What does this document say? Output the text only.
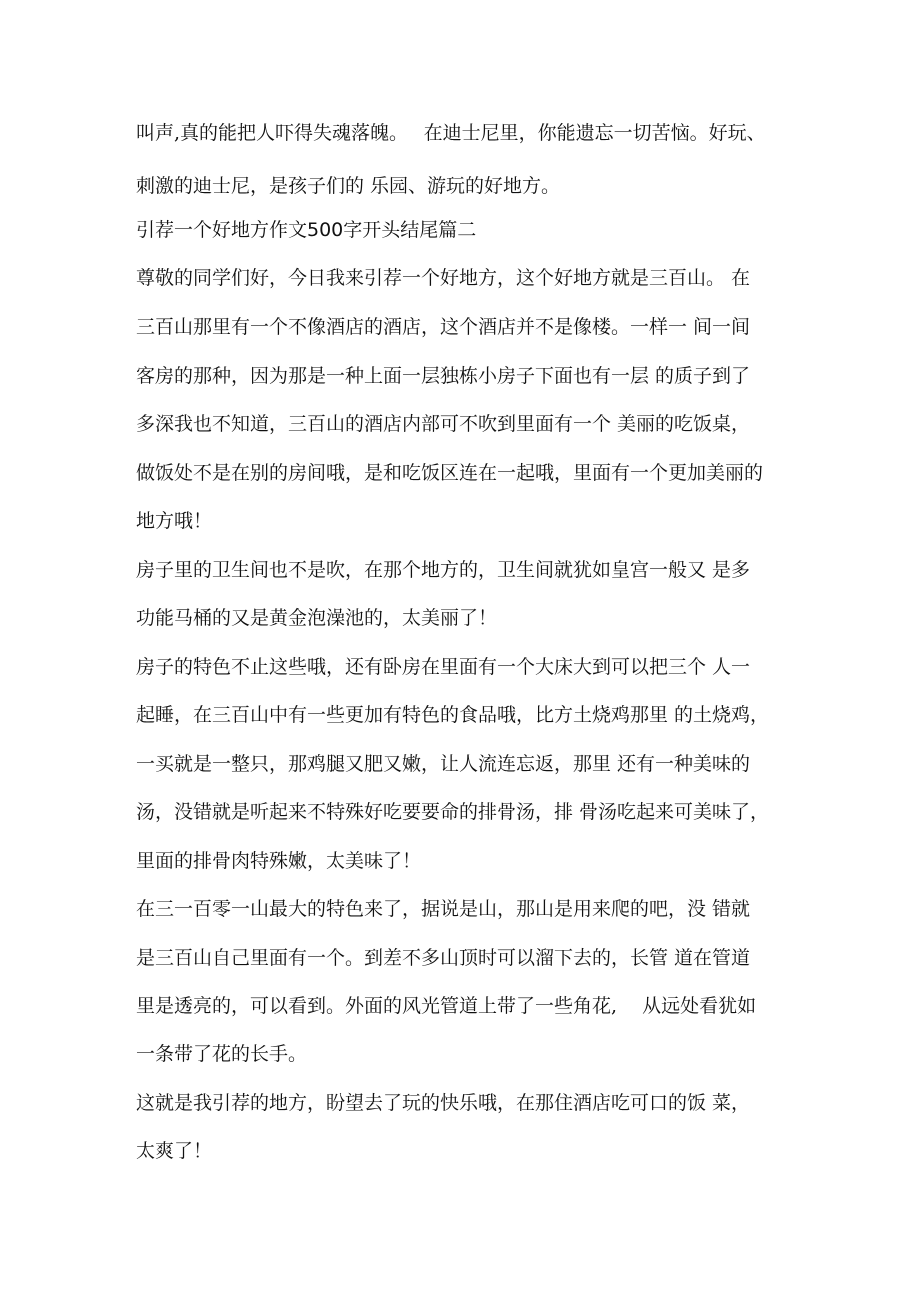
叫声,真的能把人吓得失魂落魄。　 在迪士尼里，你能遗忘一切苦恼。好玩、
刺激的迪士尼，是孩子们的 乐园、游玩的好地方。
引荐一个好地方作文500字开头结尾篇二
尊敬的同学们好，今日我来引荐一个好地方，这个好地方就是三百山。 在
三百山那里有一个不像酒店的酒店，这个酒店并不是像楼。一样一 间一间
客房的那种，因为那是一种上面一层独栋小房子下面也有一层 的质子到了
多深我也不知道，三百山的酒店内部可不吹到里面有一个 美丽的吃饭桌，
做饭处不是在别的房间哦，是和吃饭区连在一起哦，里面有一个更加美丽的
地方哦！
房子里的卫生间也不是吹，在那个地方的，卫生间就犹如皇宫一般又 是多
功能马桶的又是黄金泡澡池的，太美丽了！
房子的特色不止这些哦，还有卧房在里面有一个大床大到可以把三个 人一
起睡，在三百山中有一些更加有特色的食品哦，比方土烧鸡那里 的土烧鸡，
一买就是一整只，那鸡腿又肥又嫩，让人流连忘返，那里 还有一种美味的
汤，没错就是听起来不特殊好吃要要命的排骨汤，排 骨汤吃起来可美味了，
里面的排骨肉特殊嫩，太美味了！
在三一百零一山最大的特色来了，据说是山，那山是用来爬的吧，没 错就
是三百山自己里面有一个。到差不多山顶时可以溜下去的，长管 道在管道
里是透亮的，可以看到。外面的风光管道上带了一些角花,　 从远处看犹如
一条带了花的长手。
这就是我引荐的地方，盼望去了玩的快乐哦，在那住酒店吃可口的饭 菜，
太爽了！
